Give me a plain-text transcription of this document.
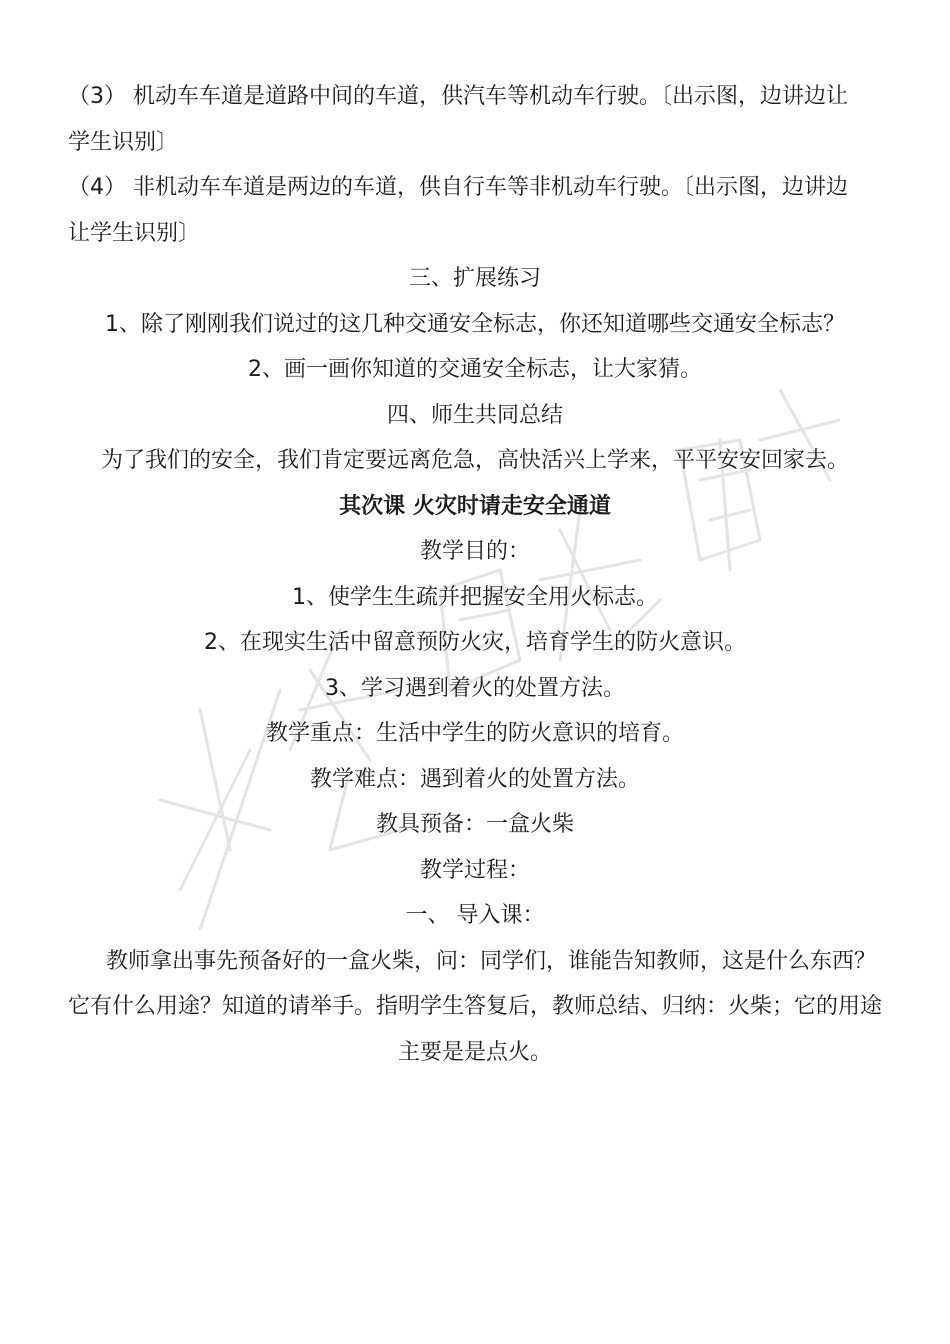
（3） 机动车车道是道路中间的车道，供汽车等机动车行驶。〔出示图，边讲边让

学生识别〕

（4） 非机动车车道是两边的车道，供自行车等非机动车行驶。〔出示图，边讲边

让学生识别〕

三、扩展练习

1、除了刚刚我们说过的这几种交通安全标志，你还知道哪些交通安全标志？

2、画一画你知道的交通安全标志，让大家猜。

四、师生共同总结

为了我们的安全，我们肯定要远离危急，高快活兴上学来，平平安安回家去。

其次课 火灾时请走安全通道

教学目的：

1、使学生生疏并把握安全用火标志。

2、在现实生活中留意预防火灾，培育学生的防火意识。

3、学习遇到着火的处置方法。

教学重点：生活中学生的防火意识的培育。

教学难点：遇到着火的处置方法。

教具预备：一盒火柴

教学过程：

一、 导入课：

教师拿出事先预备好的一盒火柴，问：同学们，谁能告知教师，这是什么东西？

它有什么用途？知道的请举手。指明学生答复后，教师总结、归纳：火柴；它的用途

主要是是点火。
